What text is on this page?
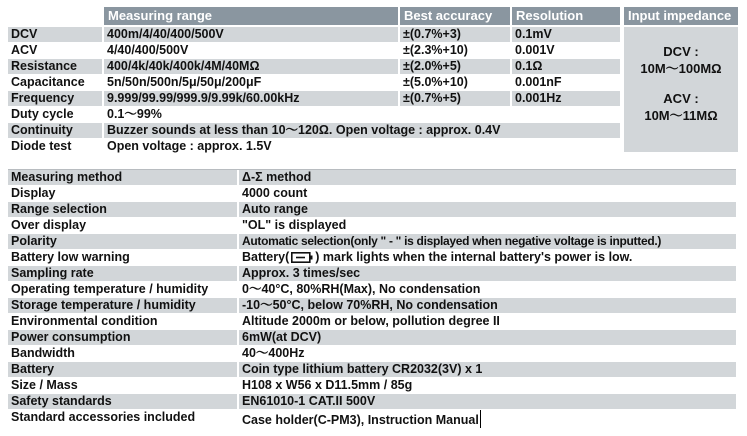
Measuring range	Best accuracy	Resolution	Input impedance
DCV :
10M～100MΩ
ACV :
10M～11MΩ
DCV	400m/4/40/400/500V	±(0.7%+3)	0.1mV
ACV	4/40/400/500V	±(2.3%+10)	0.001V
Resistance	400/4k/40k/400k/4M/40MΩ	±(2.0%+5)	0.1Ω
Capacitance	5n/50n/500n/5μ/50μ/200μF	±(5.0%+10)	0.001nF
Frequency	9.999/99.99/999.9/9.99k/60.00kHz	±(0.7%+5)	0.001Hz
Duty cycle	0.1～99%
Continuity	Buzzer sounds at less than 10～120Ω. Open voltage : approx. 0.4V
Diode test	Open voltage : approx. 1.5V
Measuring method	Δ-Σ method
Display	4000 count
Range selection	Auto range
Over display	"OL" is displayed
Polarity	Automatic selection(only " - " is displayed when negative voltage is inputted.)
Battery low warning	Battery( ) mark lights when the internal battery's power is low.
Sampling rate	Approx. 3 times/sec
Operating temperature / humidity	0～40°C, 80%RH(Max), No condensation
Storage temperature / humidity	-10～50°C, below 70%RH, No condensation
Environmental condition	Altitude 2000m or below, pollution degree II
Power consumption	6mW(at DCV)
Bandwidth	40～400Hz
Battery	Coin type lithium battery CR2032(3V) x 1
Size / Mass	H108 x W56 x D11.5mm / 85g
Safety standards	EN61010-1 CAT.II 500V
Standard accessories included	Case holder(C-PM3), Instruction Manual
